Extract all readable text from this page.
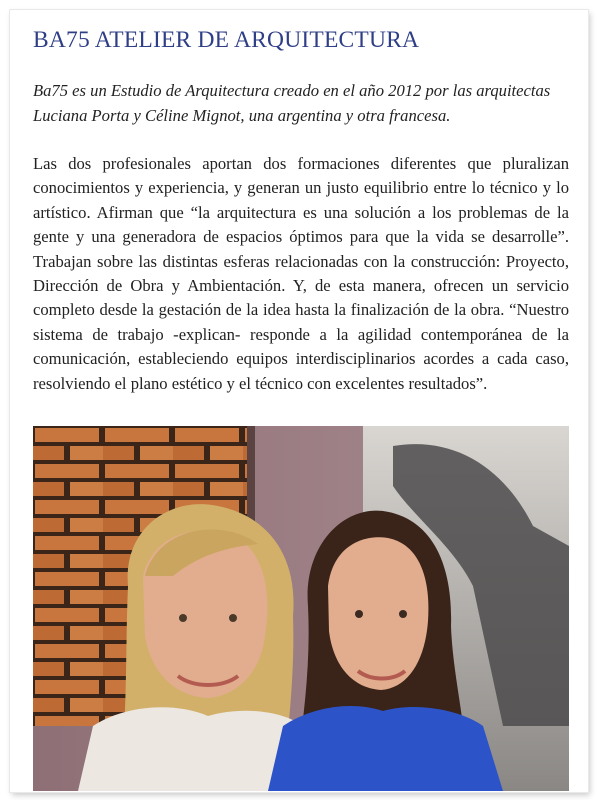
BA75 ATELIER DE ARQUITECTURA

Ba75 es un Estudio de Arquitectura creado en el año 2012 por las arquitectas Luciana Porta y Céline Mignot, una argentina y otra francesa.

Las dos profesionales aportan dos formaciones diferentes que pluralizan conocimientos y experiencia, y generan un justo equilibrio entre lo técnico y lo artístico. Afirman que “la arquitectura es una solución a los problemas de la gente y una generadora de espacios óptimos para que la vida se desarrolle”. Trabajan sobre las distintas esferas relacionadas con la construcción: Proyecto, Dirección de Obra y Ambientación. Y, de esta manera, ofrecen un servicio completo desde la gestación de la idea hasta la finalización de la obra. “Nuestro sistema de trabajo -explican- responde a la agilidad contemporánea de la comunicación, estableciendo equipos interdisciplinarios acordes a cada caso, resolviendo el plano estético y el técnico con excelentes resultados”.
